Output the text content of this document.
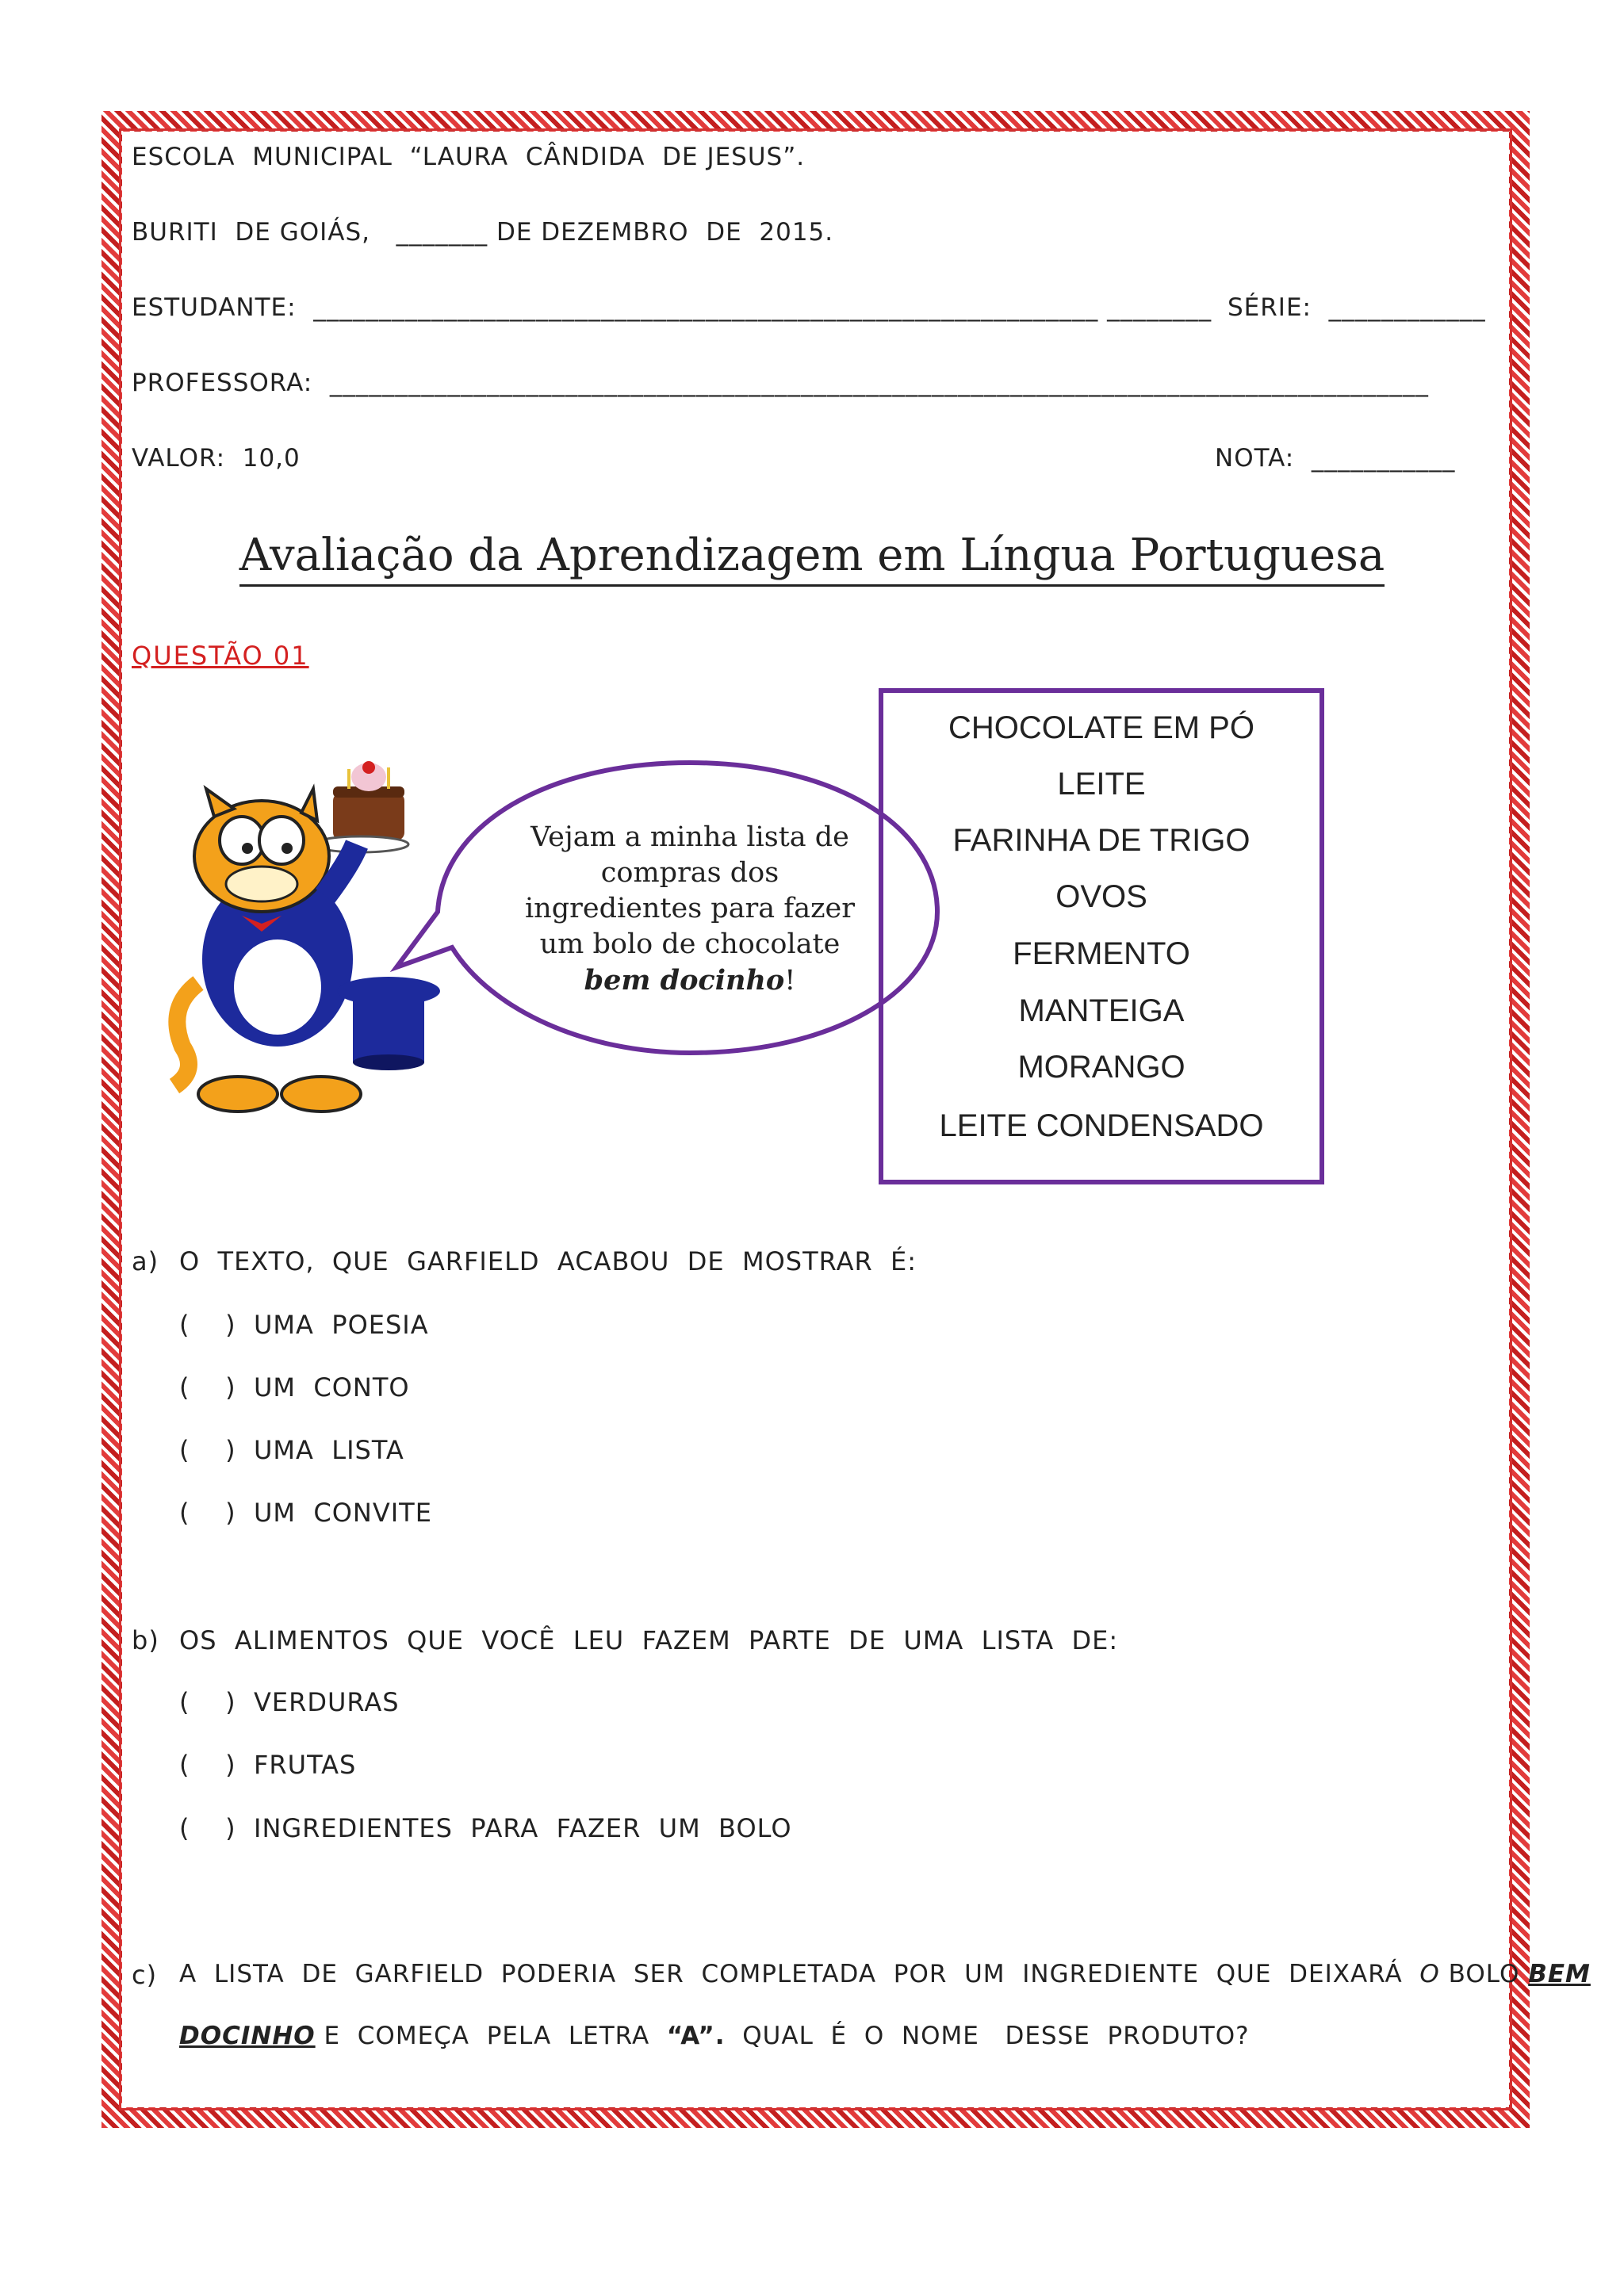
ESCOLA  MUNICIPAL  “LAURA  CÂNDIDA  DE JESUS”.
BURITI  DE GOIÁS,   _______ DE DEZEMBRO  DE  2015.
ESTUDANTE:  ____________________________________________________________ ________ SÉRIE:  ____________
PROFESSORA:  ____________________________________________________________________________________
VALOR:  10,0	NOTA:  ___________
Avaliação da Aprendizagem em Língua Portuguesa
QUESTÃO 01
Vejam a minha lista de
compras dos
ingredientes para fazer
um bolo de chocolate
bem docinho!
CHOCOLATE EM PÓ
LEITE
FARINHA DE TRIGO
OVOS
FERMENTO
MANTEIGA
MORANGO
LEITE CONDENSADO
a) O  TEXTO,  QUE  GARFIELD  ACABOU  DE  MOSTRAR  É:
(    )  UMA  POESIA
(    )  UM  CONTO
(    )  UMA  LISTA
(    )  UM  CONVITE
b) OS  ALIMENTOS  QUE  VOCÊ  LEU  FAZEM  PARTE  DE  UMA  LISTA  DE:
(    )  VERDURAS
(    )  FRUTAS
(    )  INGREDIENTES  PARA  FAZER  UM  BOLO
c) A  LISTA  DE  GARFIELD  PODERIA  SER  COMPLETADA  POR  UM  INGREDIENTE  QUE  DEIXARÁ  O BOLO BEM
DOCINHO E  COMEÇA  PELA  LETRA  “A”.  QUAL  É  O  NOME   DESSE  PRODUTO?
